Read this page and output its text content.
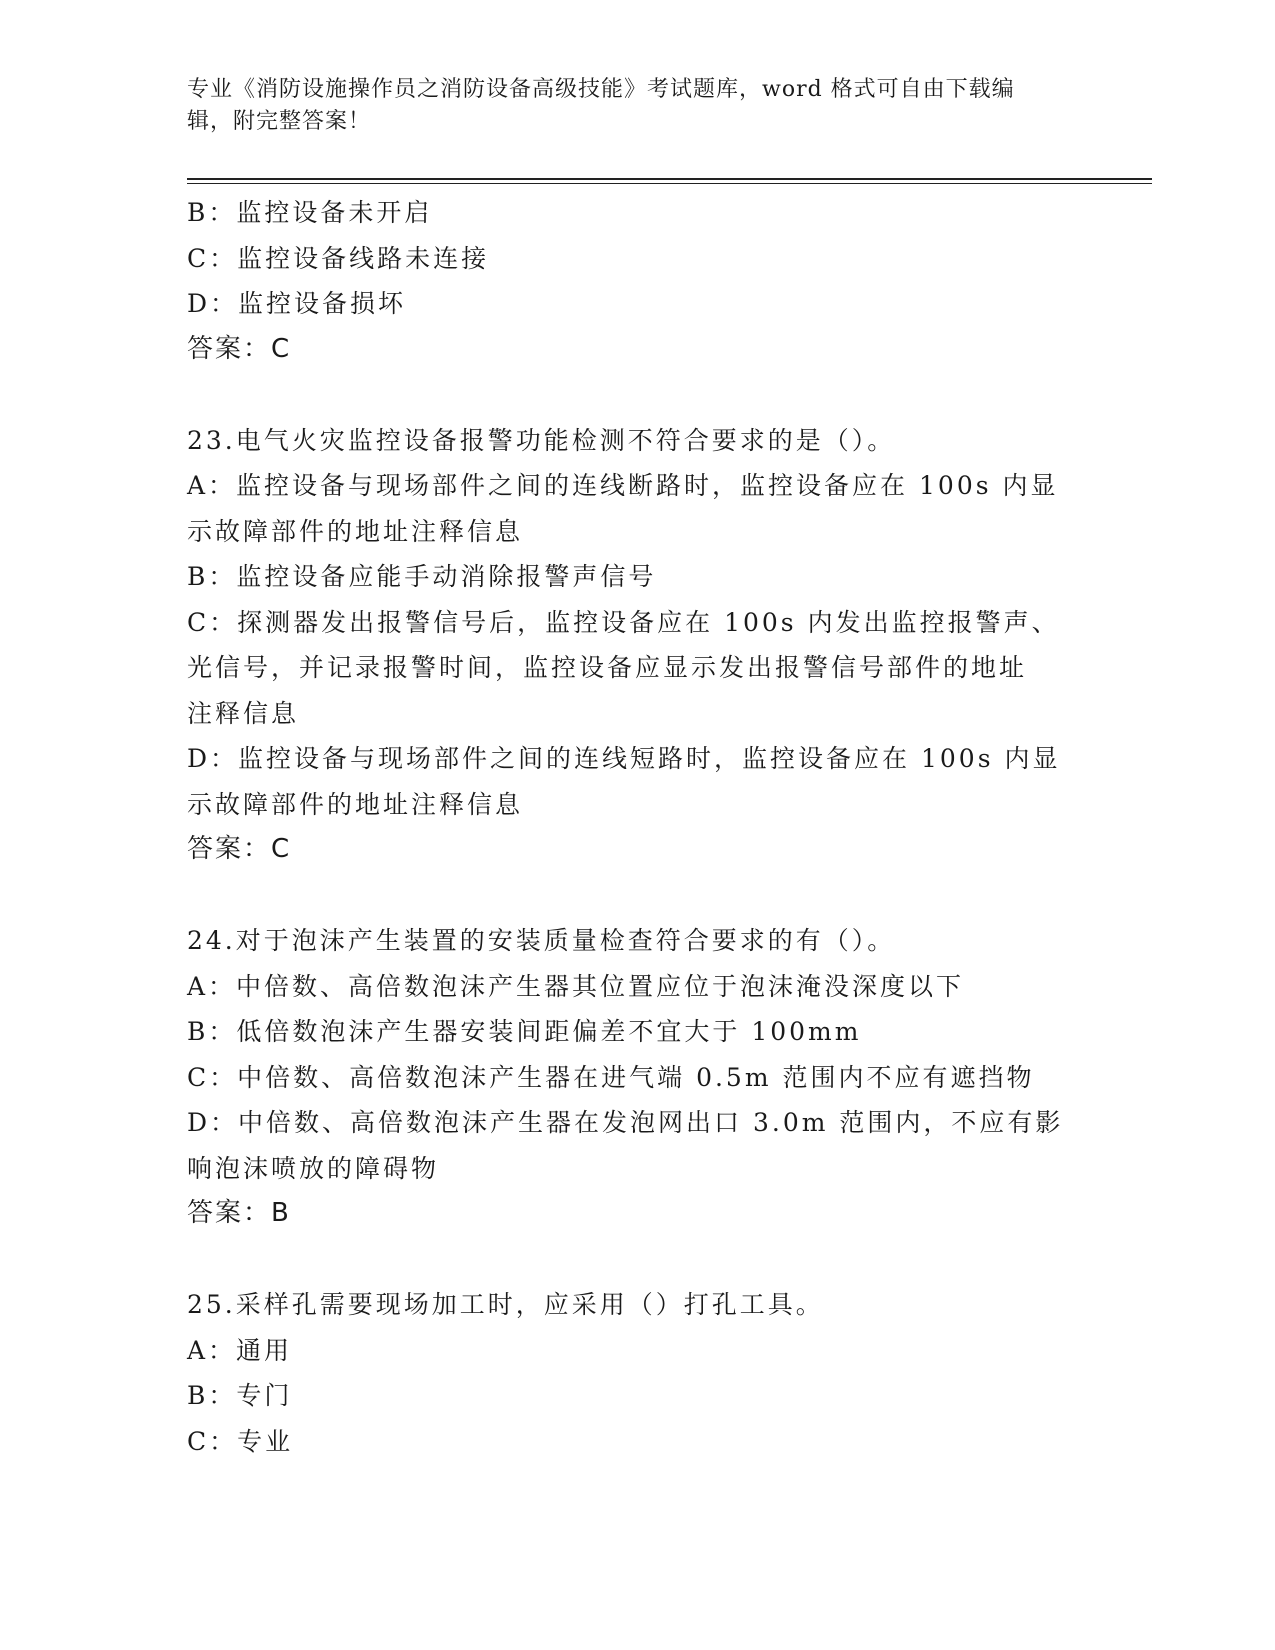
专业《消防设施操作员之消防设备高级技能》考试题库，word 格式可自由下载编
辑，附完整答案！
B：监控设备未开启
C：监控设备线路未连接
D：监控设备损坏
答案：C
23.电气火灾监控设备报警功能检测不符合要求的是（）。
A：监控设备与现场部件之间的连线断路时，监控设备应在 100s 内显
示故障部件的地址注释信息
B：监控设备应能手动消除报警声信号
C：探测器发出报警信号后，监控设备应在 100s 内发出监控报警声、
光信号，并记录报警时间，监控设备应显示发出报警信号部件的地址
注释信息
D：监控设备与现场部件之间的连线短路时，监控设备应在 100s 内显
示故障部件的地址注释信息
答案：C
24.对于泡沫产生装置的安装质量检查符合要求的有（）。
A：中倍数、高倍数泡沫产生器其位置应位于泡沫淹没深度以下
B：低倍数泡沫产生器安装间距偏差不宜大于 100mm
C：中倍数、高倍数泡沫产生器在进气端 0.5m 范围内不应有遮挡物
D：中倍数、高倍数泡沫产生器在发泡网出口 3.0m 范围内，不应有影
响泡沫喷放的障碍物
答案：B
25.采样孔需要现场加工时，应采用（）打孔工具。
A：通用
B：专门
C：专业
